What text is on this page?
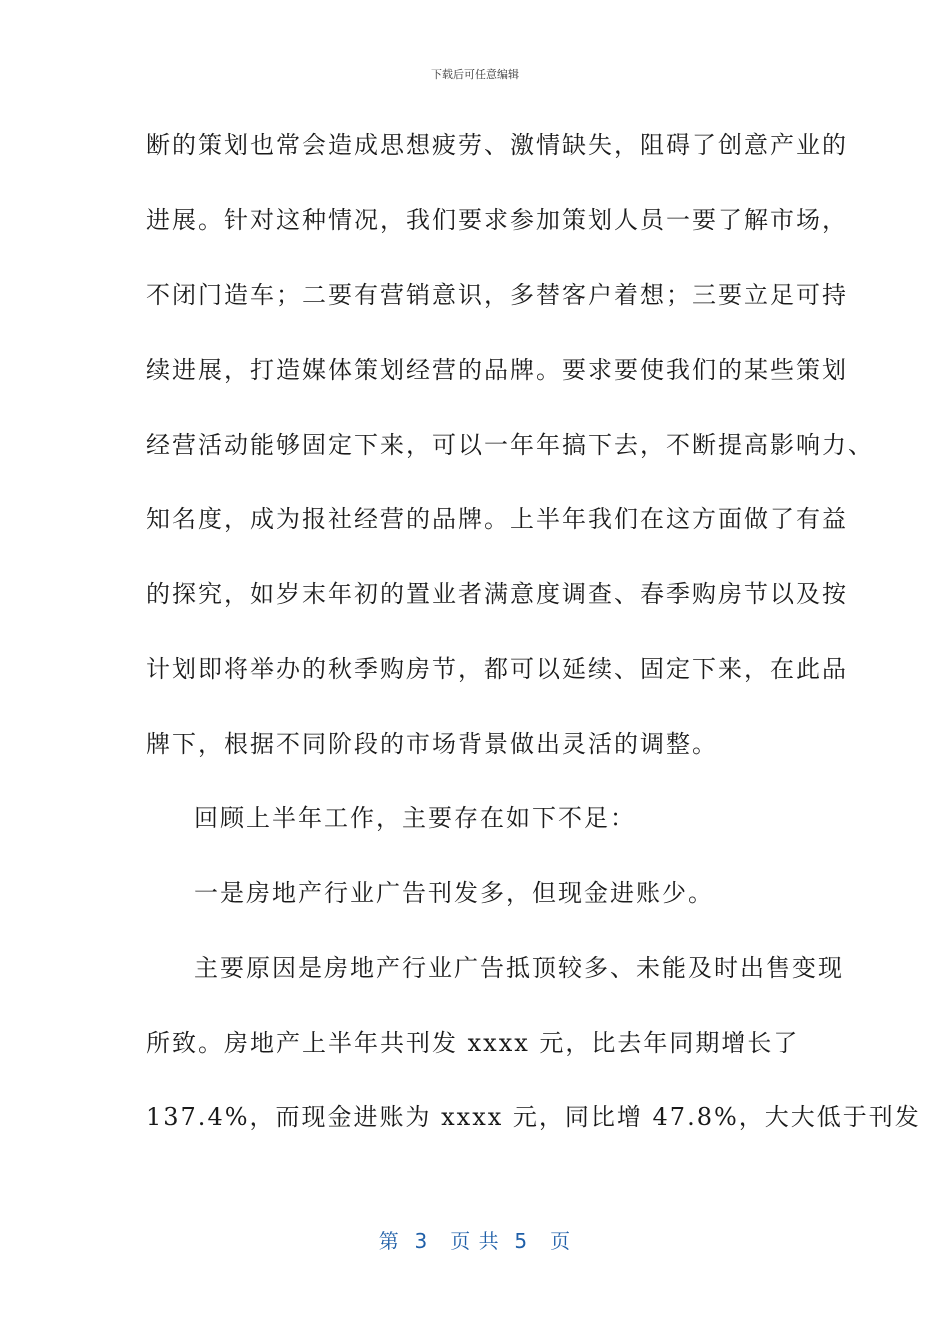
下载后可任意编辑
断的策划也常会造成思想疲劳、激情缺失，阻碍了创意产业的
进展。针对这种情况，我们要求参加策划人员一要了解市场，
不闭门造车；二要有营销意识，多替客户着想；三要立足可持
续进展，打造媒体策划经营的品牌。要求要使我们的某些策划
经营活动能够固定下来，可以一年年搞下去，不断提高影响力、
知名度，成为报社经营的品牌。上半年我们在这方面做了有益
的探究，如岁末年初的置业者满意度调查、春季购房节以及按
计划即将举办的秋季购房节，都可以延续、固定下来，在此品
牌下，根据不同阶段的市场背景做出灵活的调整。
回顾上半年工作，主要存在如下不足：
一是房地产行业广告刊发多，但现金进账少。
主要原因是房地产行业广告抵顶较多、未能及时出售变现
所致。房地产上半年共刊发 xxxx 元，比去年同期增长了
137.4%，而现金进账为 xxxx 元，同比增 47.8%，大大低于刊发
第  3   页 共  5   页
